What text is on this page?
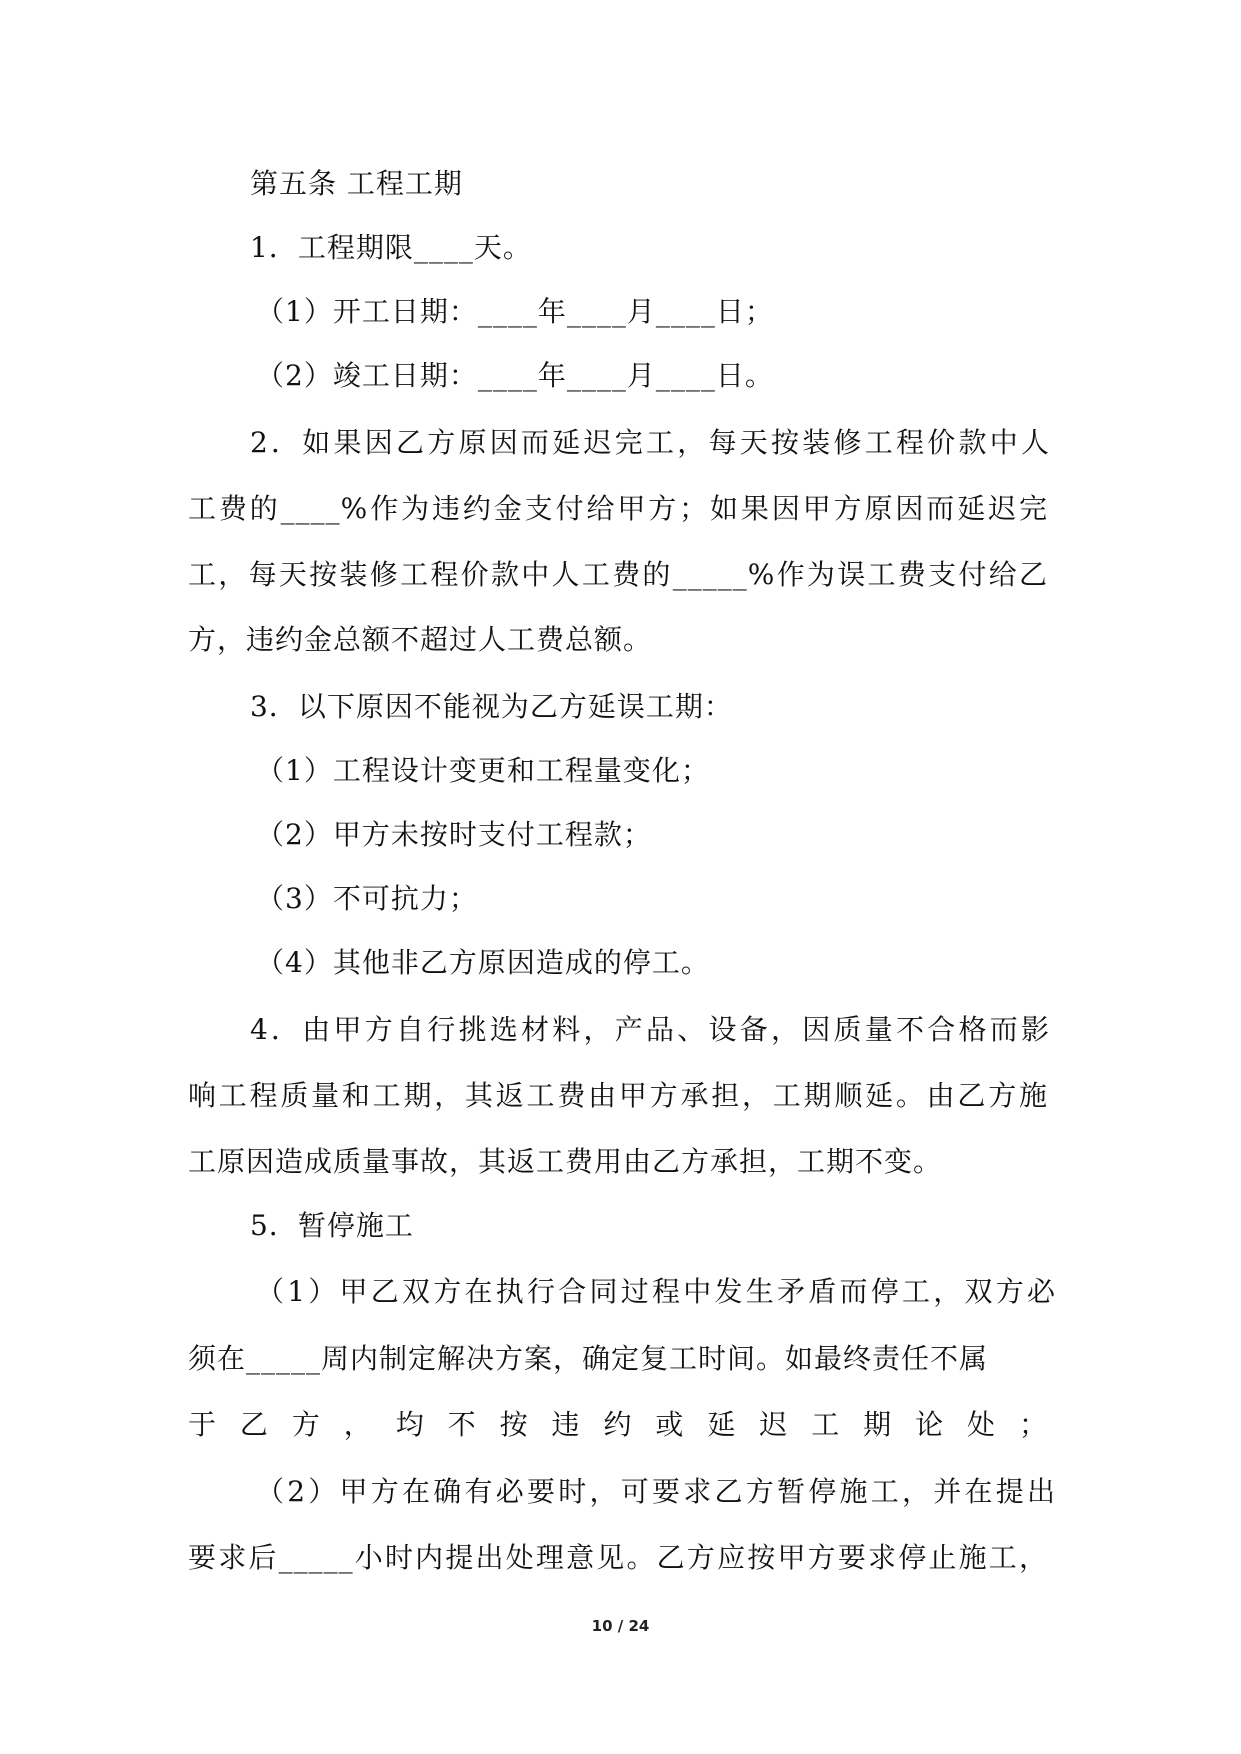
第五条 工程工期
1．工程期限____天。
（1）开工日期：____年____月____日；
（2）竣工日期：____年____月____日。
2．如果因乙方原因而延迟完工，每天按装修工程价款中人
工费的____%作为违约金支付给甲方；如果因甲方原因而延迟完
工，每天按装修工程价款中人工费的_____%作为误工费支付给乙
方，违约金总额不超过人工费总额。
3．以下原因不能视为乙方延误工期：
（1）工程设计变更和工程量变化；
（2）甲方未按时支付工程款；
（3）不可抗力；
（4）其他非乙方原因造成的停工。
4．由甲方自行挑选材料，产品、设备，因质量不合格而影
响工程质量和工期，其返工费由甲方承担，工期顺延。由乙方施
工原因造成质量事故，其返工费用由乙方承担，工期不变。
5．暂停施工
（1）甲乙双方在执行合同过程中发生矛盾而停工，双方必
须在_____周内制定解决方案，确定复工时间。如最终责任不属
于乙方，均不按违约或延迟工期论处；
（2）甲方在确有必要时，可要求乙方暂停施工，并在提出
要求后_____小时内提出处理意见。乙方应按甲方要求停止施工，
10 / 24
